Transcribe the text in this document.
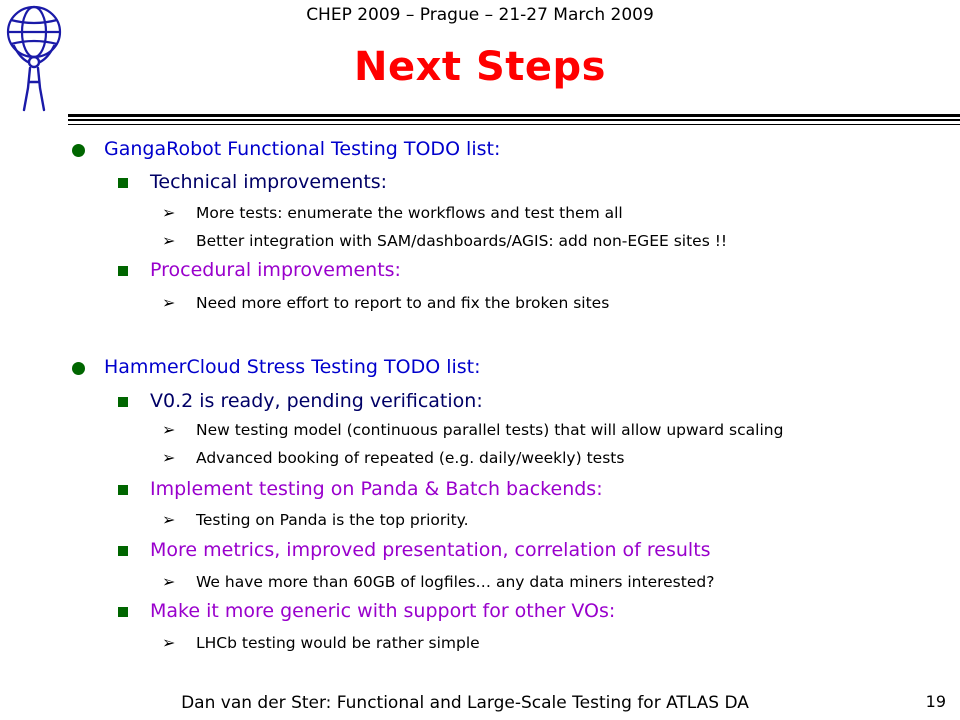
CHEP 2009 – Prague – 21-27 March 2009
Next Steps
GangaRobot Functional Testing TODO list:
Technical improvements:
➢ More tests: enumerate the workflows and test them all
➢ Better integration with SAM/dashboards/AGIS: add non-EGEE sites !!
Procedural improvements:
➢ Need more effort to report to and fix the broken sites
HammerCloud Stress Testing TODO list:
V0.2 is ready, pending verification:
➢ New testing model (continuous parallel tests) that will allow upward scaling
➢ Advanced booking of repeated (e.g. daily/weekly) tests
Implement testing on Panda & Batch backends:
➢ Testing on Panda is the top priority.
More metrics, improved presentation, correlation of results
➢ We have more than 60GB of logfiles… any data miners interested?
Make it more generic with support for other VOs:
➢ LHCb testing would be rather simple
Dan van der Ster: Functional and Large-Scale Testing for ATLAS DA	19
